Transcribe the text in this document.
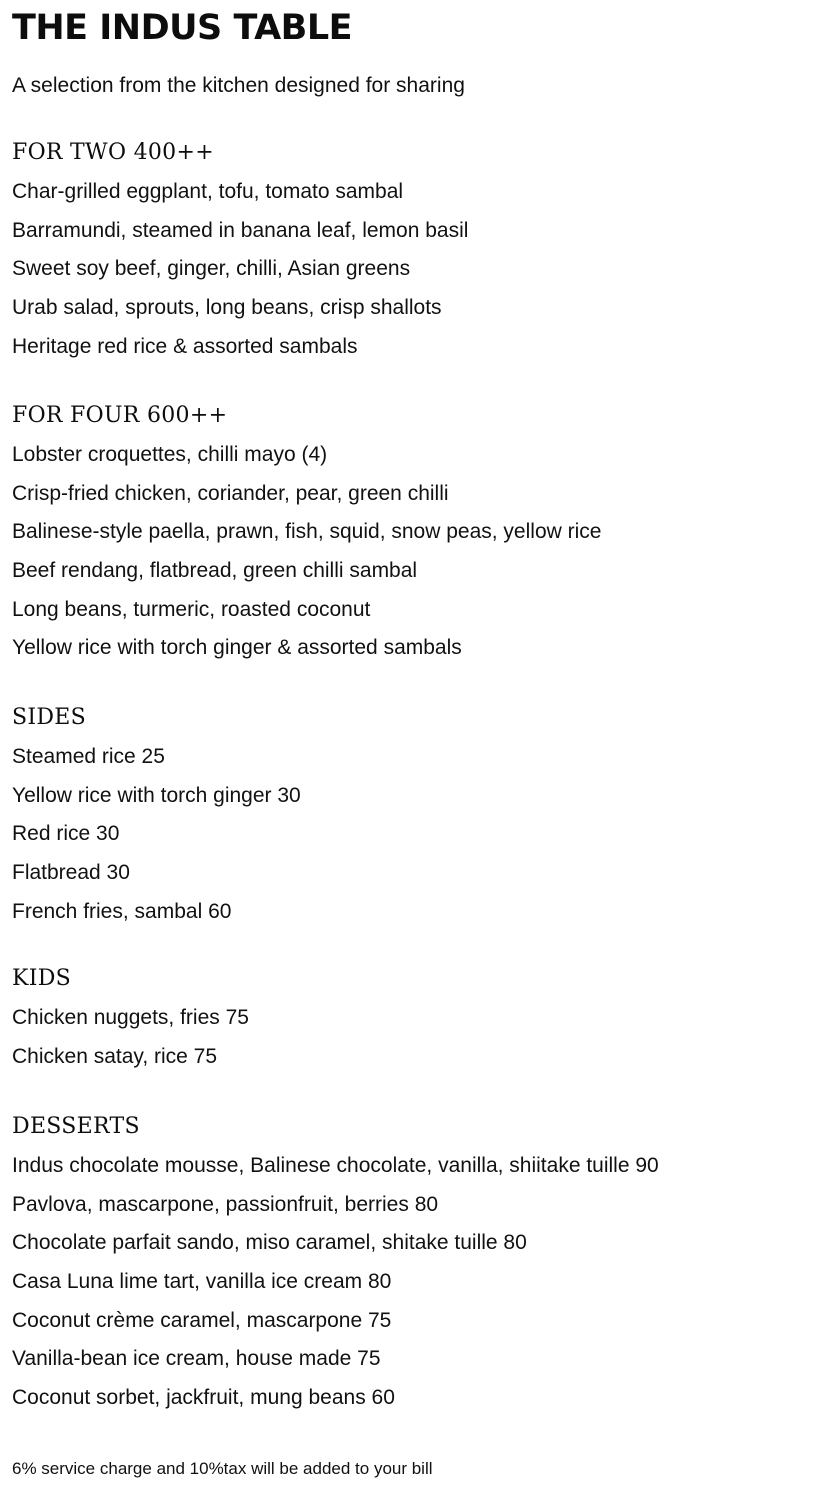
THE INDUS TABLE

A selection from the kitchen designed for sharing

FOR TWO 400++
Char-grilled eggplant, tofu, tomato sambal
Barramundi, steamed in banana leaf, lemon basil
Sweet soy beef, ginger, chilli, Asian greens
Urab salad, sprouts, long beans, crisp shallots
Heritage red rice & assorted sambals
FOR FOUR 600++
Lobster croquettes, chilli mayo (4)
Crisp-fried chicken, coriander, pear, green chilli
Balinese-style paella, prawn, fish, squid, snow peas, yellow rice
Beef rendang, flatbread, green chilli sambal
Long beans, turmeric, roasted coconut
Yellow rice with torch ginger & assorted sambals
SIDES
Steamed rice 25
Yellow rice with torch ginger 30
Red rice 30
Flatbread 30
French fries, sambal 60
KIDS
Chicken nuggets, fries 75
Chicken satay, rice 75
DESSERTS
Indus chocolate mousse, Balinese chocolate, vanilla, shiitake tuille 90
Pavlova, mascarpone, passionfruit, berries 80
Chocolate parfait sando, miso caramel, shitake tuille 80
Casa Luna lime tart, vanilla ice cream 80
Coconut crème caramel, mascarpone 75
Vanilla-bean ice cream, house made 75
Coconut sorbet, jackfruit, mung beans 60

6% service charge and 10%tax will be added to your bill
